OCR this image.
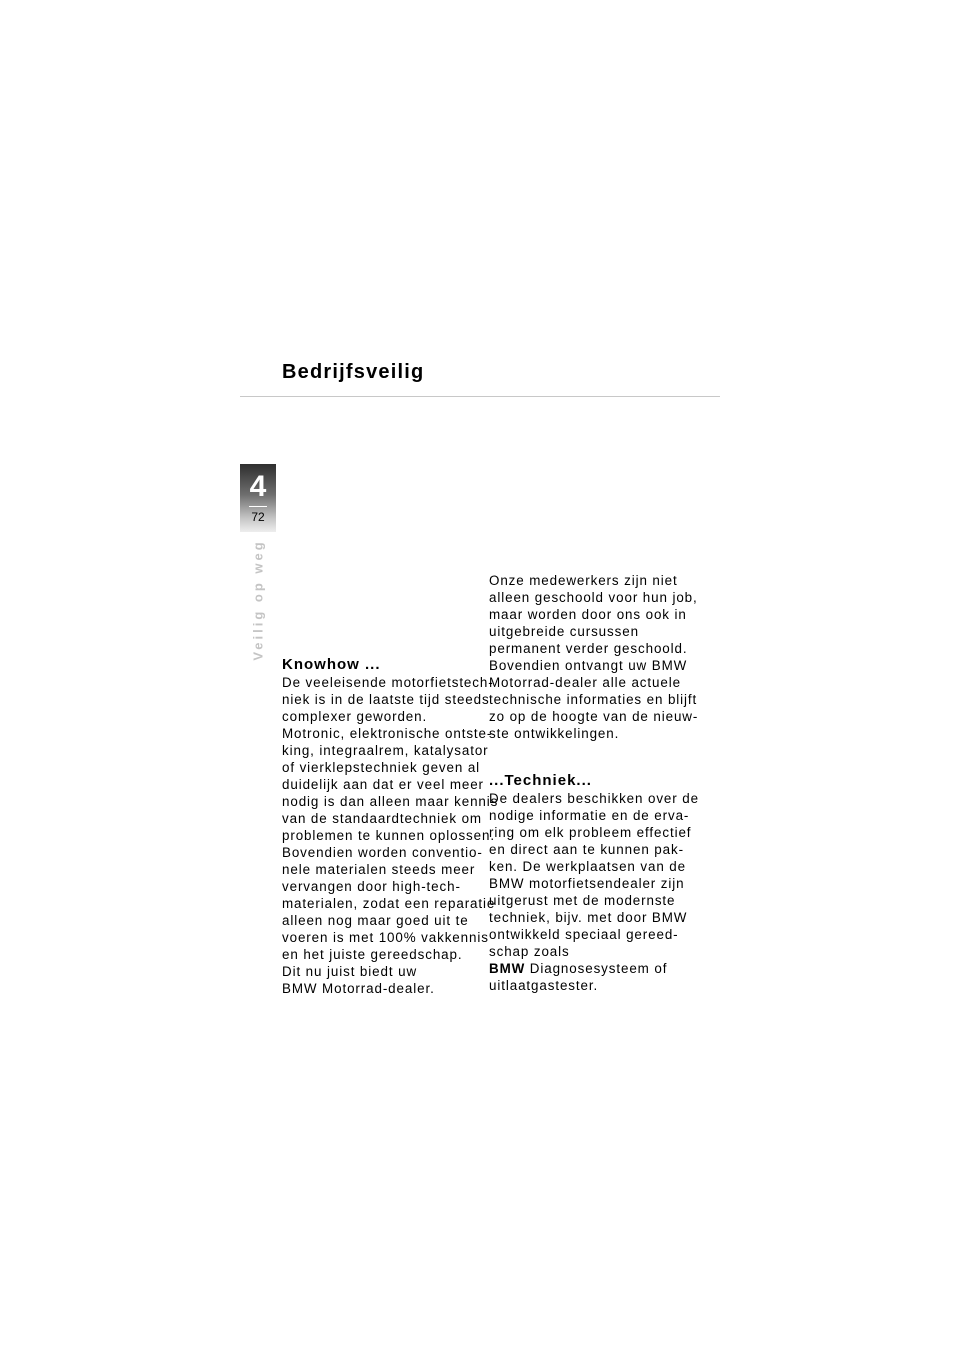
Bedrijfsveilig
4
72
Veilig op weg
Knowhow ...
De veeleisende motorfietstech-
niek is in de laatste tijd steeds
complexer geworden.
Motronic, elektronische ontste-
king, integraalrem, katalysator
of vierklepstechniek geven al
duidelijk aan dat er veel meer
nodig is dan alleen maar kennis
van de standaardtechniek om
problemen te kunnen oplossen.
Bovendien worden conventio-
nele materialen steeds meer
vervangen door high-tech-
materialen, zodat een reparatie
alleen nog maar goed uit te
voeren is met 100% vakkennis
en het juiste gereedschap.
Dit nu juist biedt uw
BMW Motorrad-dealer.
Onze medewerkers zijn niet
alleen geschoold voor hun job,
maar worden door ons ook in
uitgebreide cursussen
permanent verder geschoold.
Bovendien ontvangt uw BMW
Motorrad-dealer alle actuele
technische informaties en blijft
zo op de hoogte van de nieuw-
ste ontwikkelingen.
...Techniek...
De dealers beschikken over de
nodige informatie en de erva-
ring om elk probleem effectief
en direct aan te kunnen pak-
ken. De werkplaatsen van de
BMW motorfietsendealer zijn
uitgerust met de modernste
techniek, bijv. met door BMW
ontwikkeld speciaal gereed-
schap zoals
BMW Diagnosesysteem of
uitlaatgastester.
